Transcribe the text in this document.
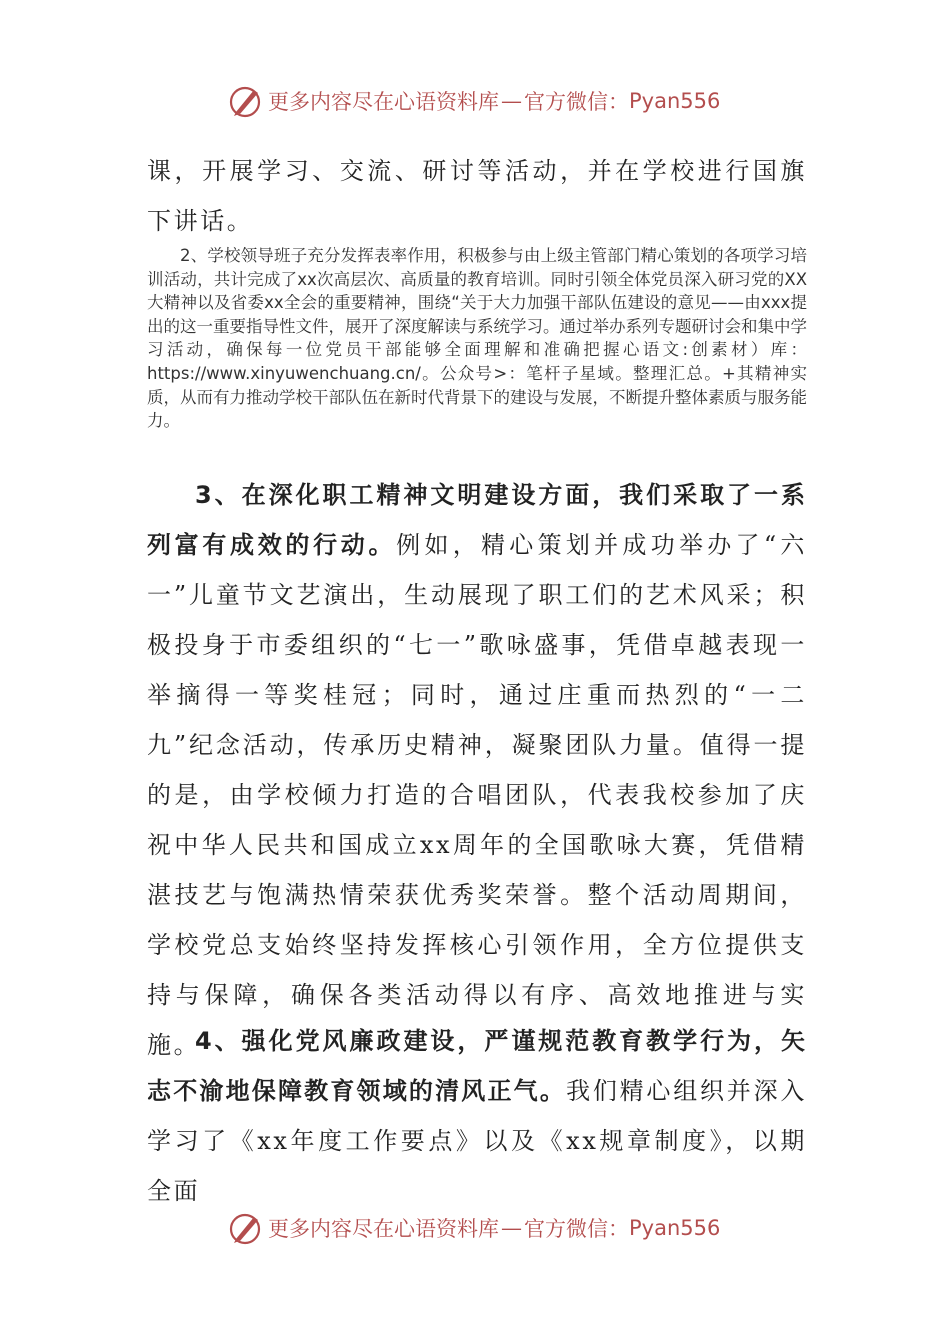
更多内容尽在心语资料库 — 官方微信： Pyan556

课，开展学习、交流、研讨等活动，并在学校进行国旗下讲话。

2、学校领导班子充分发挥表率作用，积极参与由上级主管部门精心策划的各项学习培训活动，共计完成了xx次高层次、高质量的教育培训。同时引领全体党员深入研习党的XX大精神以及省委xx全会的重要精神，围绕“关于大力加强干部队伍建设的意见——由xxx提出的这一重要指导性文件，展开了深度解读与系统学习。通过举办系列专题研讨会和集中学习活动，确保每一位党员干部能够全面理解和准确把握心语文:创素材）库：https://www.xinyuwenchuang.cn/。公众号>：笔杆子星域。整理汇总。+其精神实质，从而有力推动学校干部队伍在新时代背景下的建设与发展，不断提升整体素质与服务能力。

3、在深化职工精神文明建设方面，我们采取了一系列富有成效的行动。例如，精心策划并成功举办了“六一”儿童节文艺演出，生动展现了职工们的艺术风采；积极投身于市委组织的“七一”歌咏盛事，凭借卓越表现一举摘得一等奖桂冠；同时，通过庄重而热烈的“一二九”纪念活动，传承历史精神，凝聚团队力量。值得一提的是，由学校倾力打造的合唱团队，代表我校参加了庆祝中华人民共和国成立xx周年的全国歌咏大赛，凭借精湛技艺与饱满热情荣获优秀奖荣誉。整个活动周期间，学校党总支始终坚持发挥核心引领作用，全方位提供支持与保障，确保各类活动得以有序、高效地推进与实施。

4、强化党风廉政建设，严谨规范教育教学行为，矢志不渝地保障教育领域的清风正气。我们精心组织并深入学习了《xx年度工作要点》以及《xx规章制度》，以期全面

更多内容尽在心语资料库 — 官方微信： Pyan556
